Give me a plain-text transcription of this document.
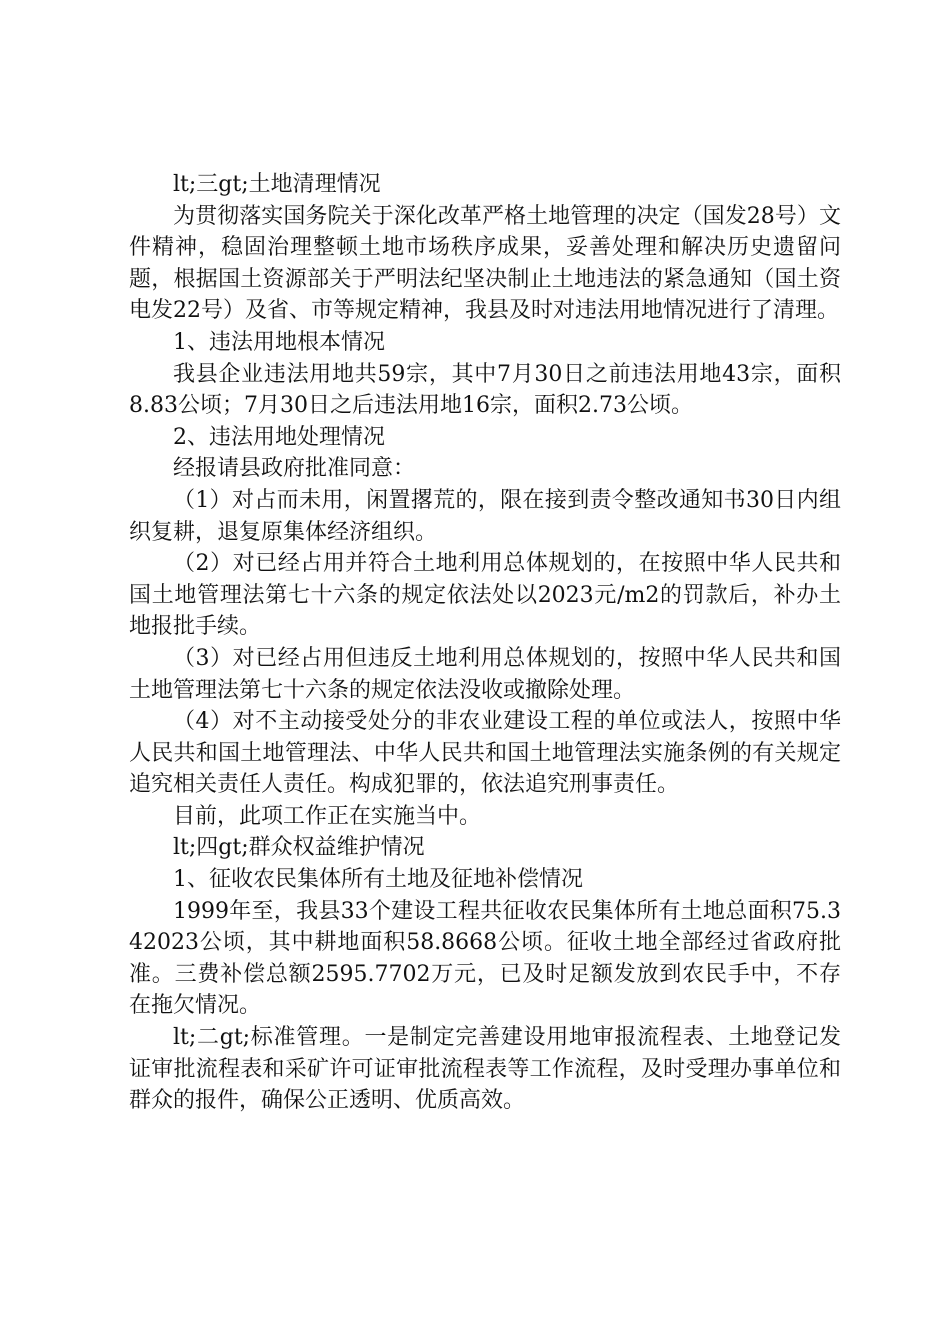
lt;三gt;土地清理情况

为贯彻落实国务院关于深化改革严格土地管理的决定（国发28号）文件精神，稳固治理整顿土地市场秩序成果，妥善处理和解决历史遗留问题，根据国土资源部关于严明法纪坚决制止土地违法的紧急通知（国土资电发22号）及省、市等规定精神，我县及时对违法用地情况进行了清理。

1、违法用地根本情况

我县企业违法用地共59宗，其中7月30日之前违法用地43宗，面积8.83公顷；7月30日之后违法用地16宗，面积2.73公顷。

2、违法用地处理情况

经报请县政府批准同意：

（1）对占而未用，闲置撂荒的，限在接到责令整改通知书30日内组织复耕，退复原集体经济组织。

（2）对已经占用并符合土地利用总体规划的，在按照中华人民共和国土地管理法第七十六条的规定依法处以2023元/m2的罚款后，补办土地报批手续。

（3）对已经占用但违反土地利用总体规划的，按照中华人民共和国土地管理法第七十六条的规定依法没收或撤除处理。

（4）对不主动接受处分的非农业建设工程的单位或法人，按照中华人民共和国土地管理法、中华人民共和国土地管理法实施条例的有关规定追究相关责任人责任。构成犯罪的，依法追究刑事责任。

目前，此项工作正在实施当中。

lt;四gt;群众权益维护情况

1、征收农民集体所有土地及征地补偿情况

1999年至，我县33个建设工程共征收农民集体所有土地总面积75.342023公顷，其中耕地面积58.8668公顷。征收土地全部经过省政府批准。三费补偿总额2595.7702万元，已及时足额发放到农民手中，不存在拖欠情况。

lt;二gt;标准管理。一是制定完善建设用地审报流程表、土地登记发证审批流程表和采矿许可证审批流程表等工作流程，及时受理办事单位和群众的报件，确保公正透明、优质高效。
